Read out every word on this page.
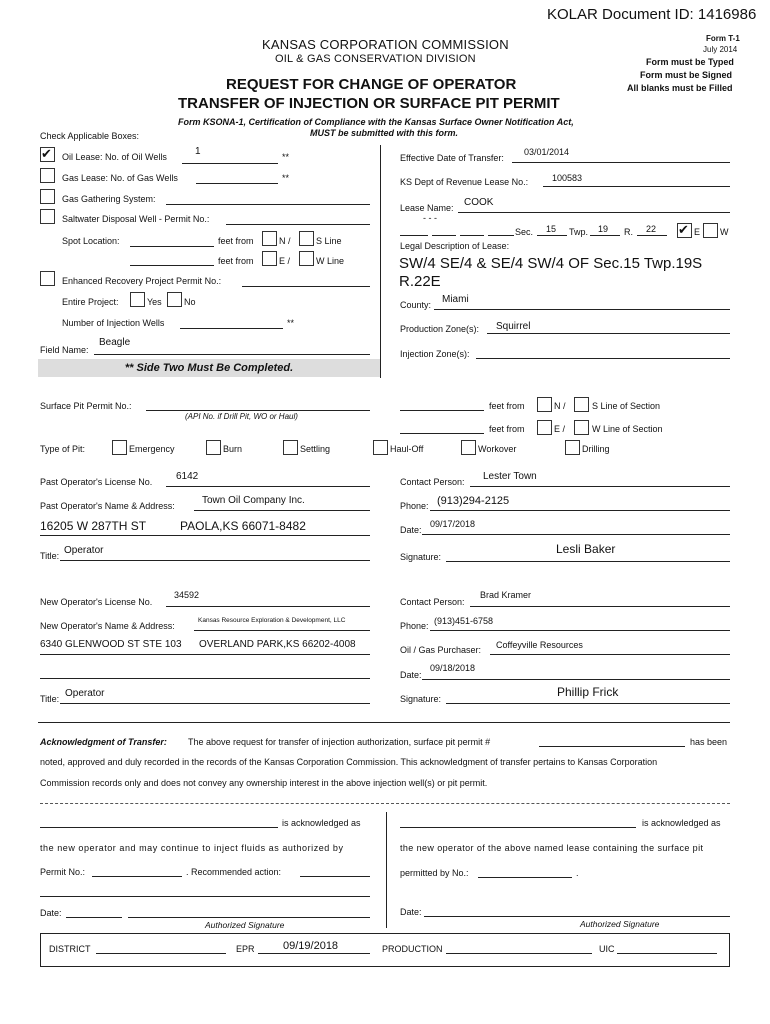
KOLAR Document ID: 1416986
KANSAS CORPORATION COMMISSION
OIL & GAS CONSERVATION DIVISION
Form T-1
July 2014
Form must be Typed
Form must be Signed
All blanks must be Filled
REQUEST FOR CHANGE OF OPERATOR
TRANSFER OF INJECTION OR SURFACE PIT PERMIT
Form KSONA-1, Certification of Compliance with the Kansas Surface Owner Notification Act,
MUST be submitted with this form.
Check Applicable Boxes:
✔ Oil Lease: No. of Oil Wells	1	**
Gas Lease: No. of Gas Wells	**
Gas Gathering System:
Saltwater Disposal Well - Permit No.:
Spot Location:	feet from	N /	S Line
feet from	E /	W Line
Enhanced Recovery Project Permit No.:
Entire Project:	Yes No
Number of Injection Wells	**
Field Name:
Beagle
** Side Two Must Be Completed.
Effective Date of Transfer:
03/01/2014
KS Dept of Revenue Lease No.:	100583
Lease Name: COOK
- - -
Sec. 15 Twp. 19 R. 22 ✔ E W
Legal Description of Lease:
SW/4 SE/4 & SE/4 SW/4 OF Sec.15 Twp.19S
R.22E
County: Miami
Production Zone(s): Squirrel
Injection Zone(s):
Surface Pit Permit No.:
(API No. if Drill Pit, WO or Haul)
feet from	N /	S Line of Section
feet from	E /	W Line of Section
Type of Pit:	Emergency	Burn	Settling	Haul-Off	Workover	Drilling
Past Operator's License No. 6142
Past Operator's Name & Address:	Town Oil Company Inc.
16205 W 287TH ST	PAOLA,KS 66071-8482
Title: Operator
Contact Person: Lester Town
Phone: (913)294-2125
Date:
09/17/2018
Signature:
Lesli Baker
New Operator's License No.
34592
New Operator's Name & Address:
Kansas Resource Exploration & Development, LLC
6340 GLENWOOD ST STE 103 OVERLAND PARK,KS 66202-4008
Title: Operator
Contact Person:
Brad Kramer
Phone: (913)451-6758
Oil / Gas Purchaser: Coffeyville Resources
Date:
09/18/2018
Signature:	Phillip Frick
Acknowledgment of Transfer: The above request for transfer of injection authorization, surface pit permit #	has been
noted, approved and duly recorded in the records of the Kansas Corporation Commission. This acknowledgment of transfer pertains to Kansas Corporation
Commission records only and does not convey any ownership interest in the above injection well(s) or pit permit.
is acknowledged as	is acknowledged as
the new operator and may continue to inject fluids as authorized by	the new operator of the above named lease containing the surface pit
Permit No.:	. Recommended action:	permitted by No.:	.
Date:
Authorized Signature
Date:
Authorized Signature
DISTRICT	EPR	09/19/2018	PRODUCTION	UIC
